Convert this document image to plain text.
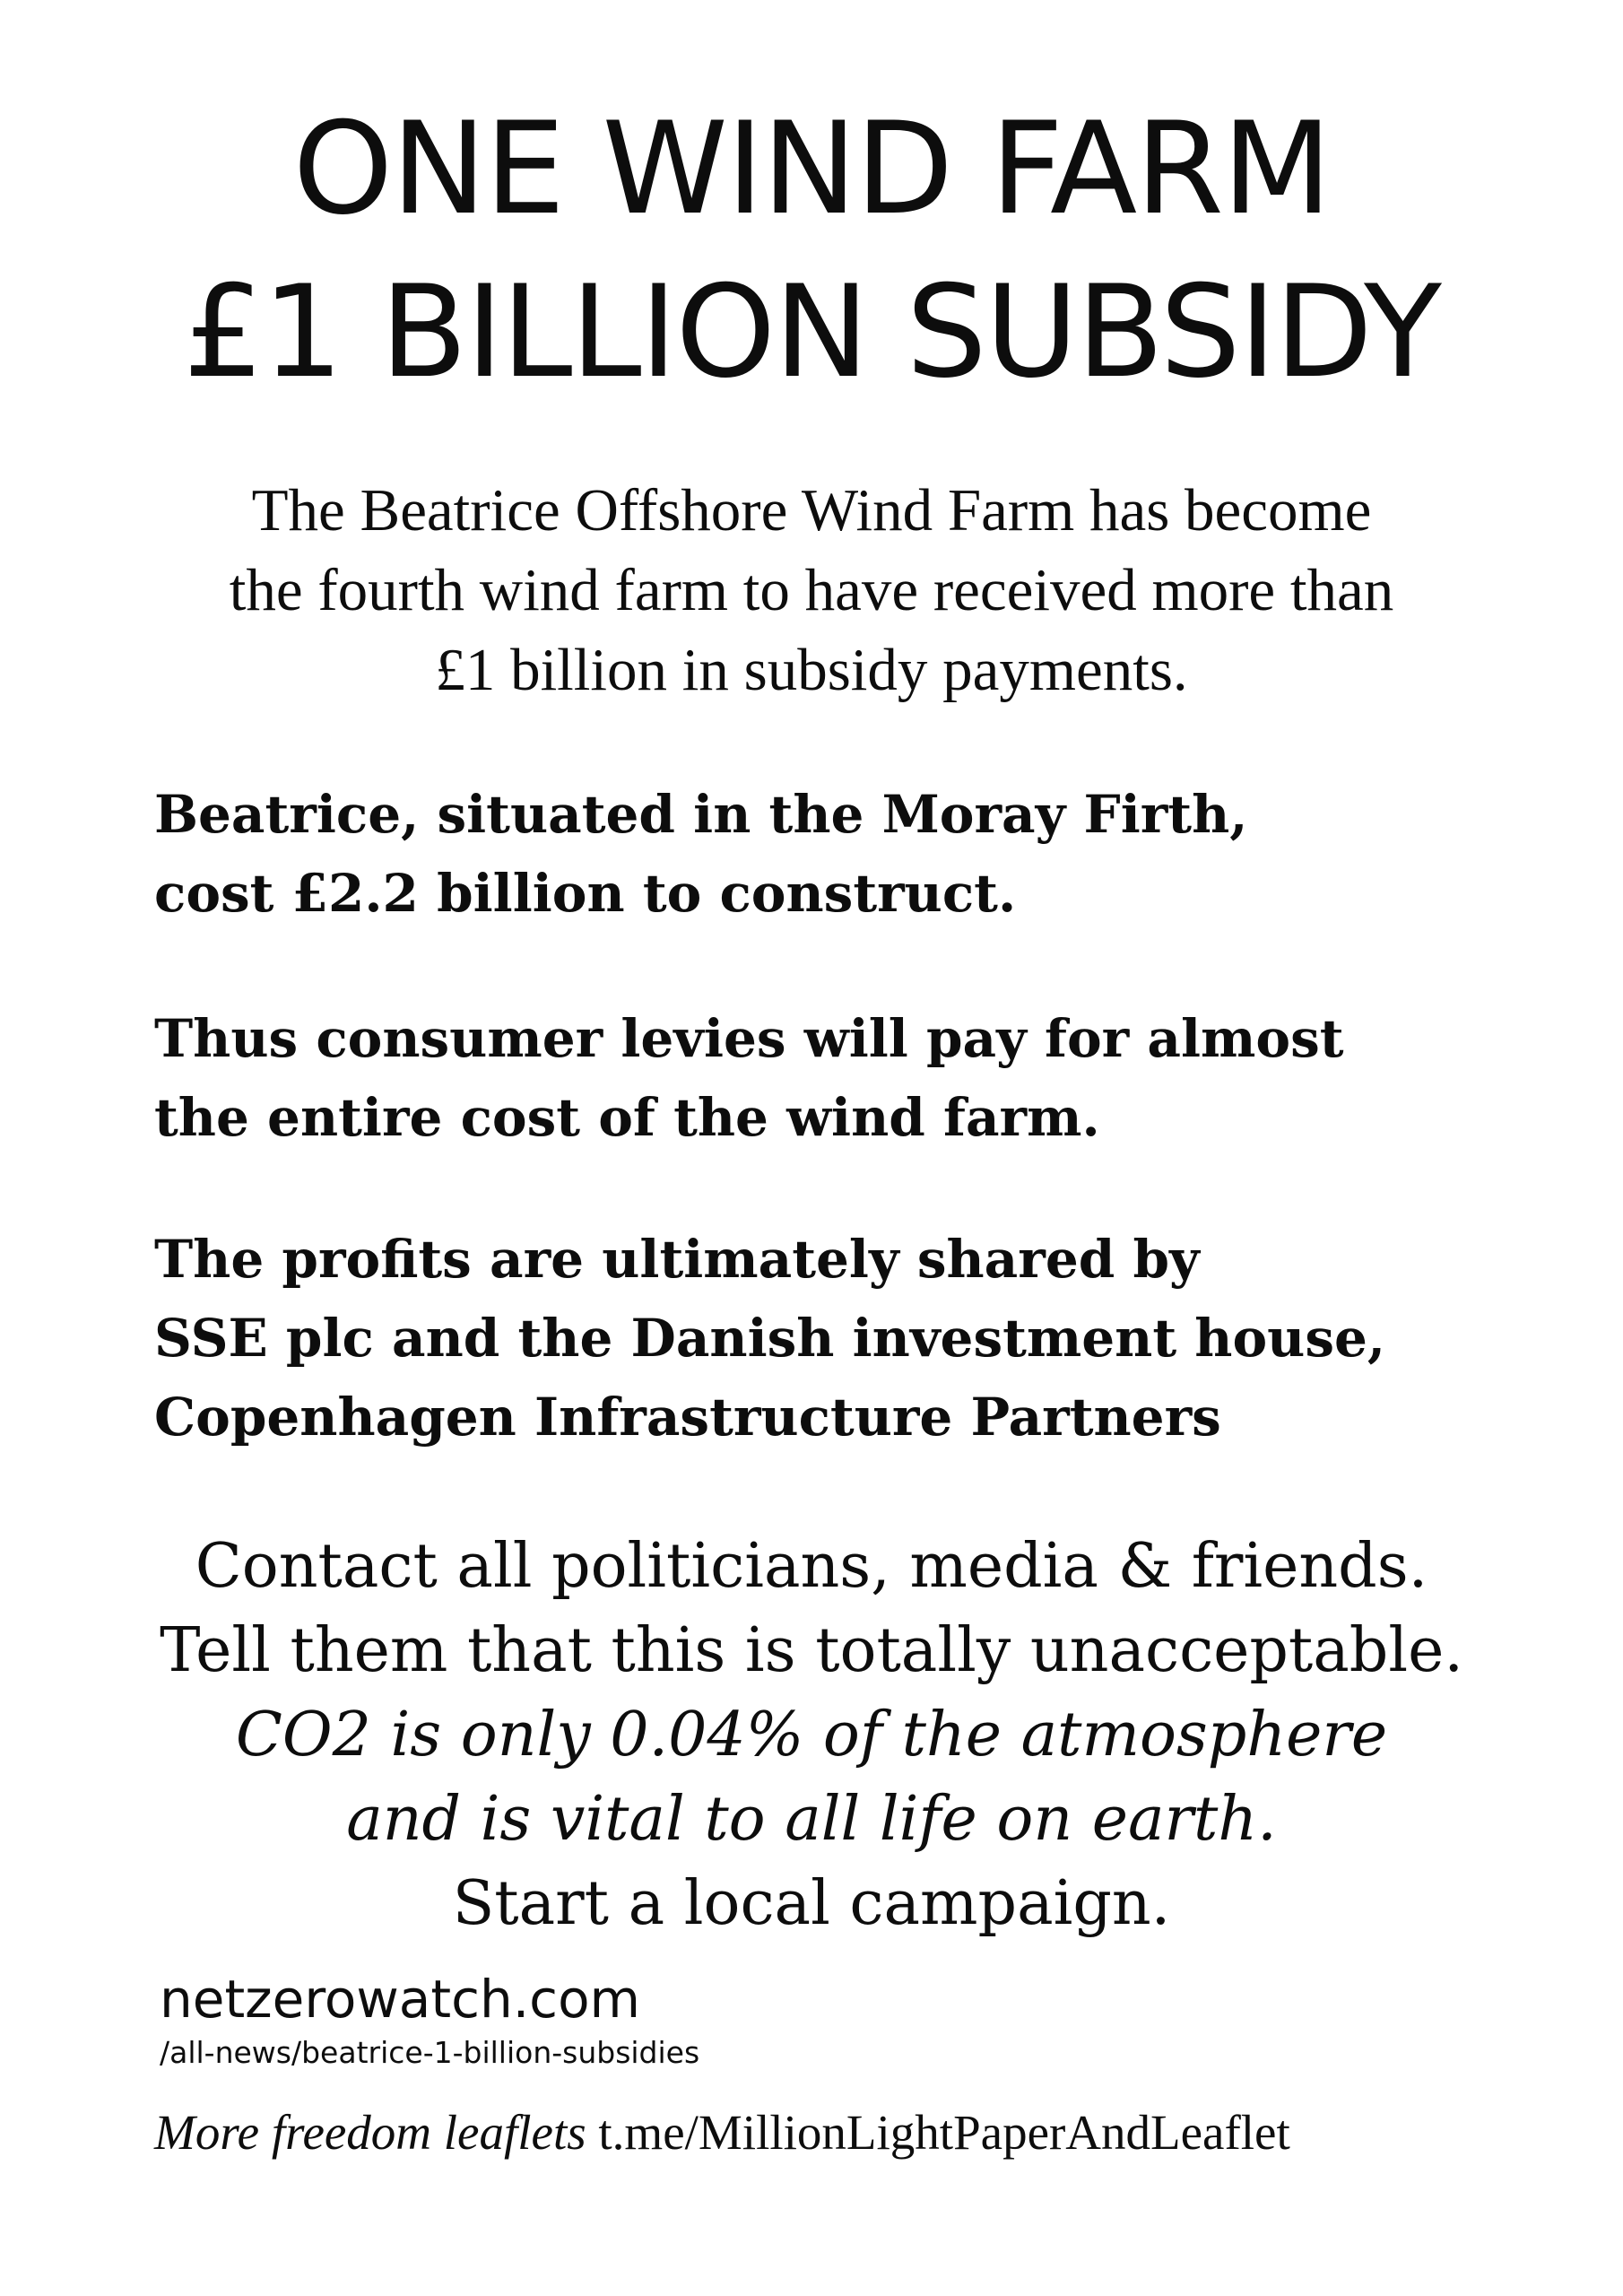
ONE WIND FARM
£1 BILLION SUBSIDY

The Beatrice Offshore Wind Farm has become
the fourth wind farm to have received more than
£1 billion in subsidy payments.

Beatrice, situated in the Moray Firth,
cost £2.2 billion to construct.

Thus consumer levies will pay for almost
the entire cost of the wind farm.

The profits are ultimately shared by
SSE plc and the Danish investment house,
Copenhagen Infrastructure Partners

Contact all politicians, media & friends.
Tell them that this is totally unacceptable.
CO2 is only 0.04% of the atmosphere
and is vital to all life on earth.
Start a local campaign.

netzerowatch.com
/all-news/beatrice-1-billion-subsidies
More freedom leaflets t.me/MillionLightPaperAndLeaflet
